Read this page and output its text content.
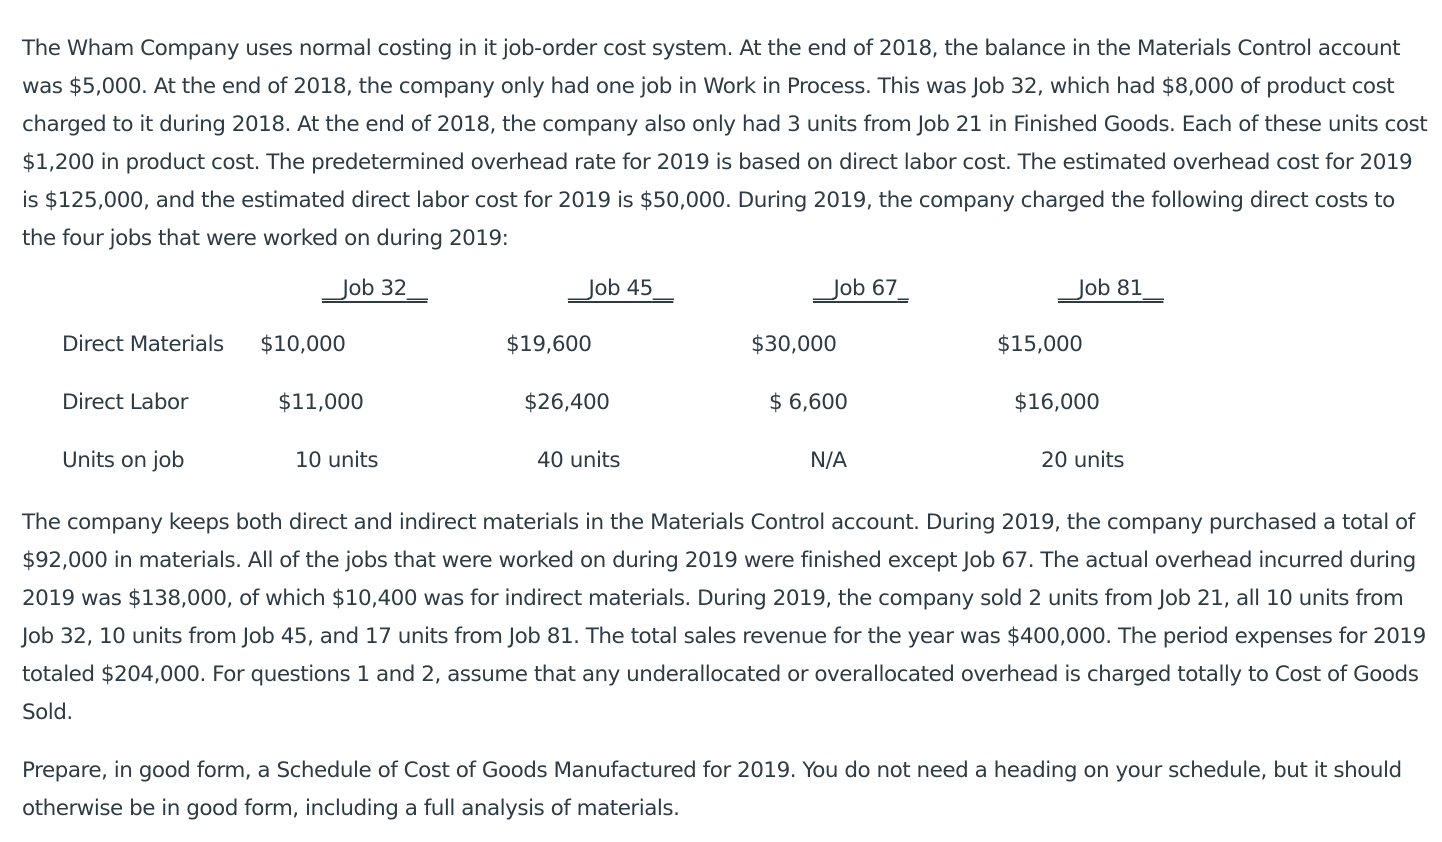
The Wham Company uses normal costing in it job-order cost system. At the end of 2018, the balance in the Materials Control account was $5,000. At the end of 2018, the company only had one job in Work in Process. This was Job 32, which had $8,000 of product cost charged to it during 2018. At the end of 2018, the company also only had 3 units from Job 21 in Finished Goods. Each of these units cost $1,200 in product cost. The predetermined overhead rate for 2019 is based on direct labor cost. The estimated overhead cost for 2019 is $125,000, and the estimated direct labor cost for 2019 is $50,000. During 2019, the company charged the following direct costs to the four jobs that were worked on during 2019:

__Job 32__	__Job 45__	__Job 67_	__Job 81__
Direct Materials $10,000	$19,600	$30,000	$15,000
Direct Labor	$11,000	$26,400	$ 6,600	$16,000
Units on job	10 units	40 units	N/A	20 units

The company keeps both direct and indirect materials in the Materials Control account. During 2019, the company purchased a total of $92,000 in materials. All of the jobs that were worked on during 2019 were finished except Job 67. The actual overhead incurred during 2019 was $138,000, of which $10,400 was for indirect materials. During 2019, the company sold 2 units from Job 21, all 10 units from Job 32, 10 units from Job 45, and 17 units from Job 81. The total sales revenue for the year was $400,000. The period expenses for 2019 totaled $204,000. For questions 1 and 2, assume that any underallocated or overallocated overhead is charged totally to Cost of Goods Sold.

Prepare, in good form, a Schedule of Cost of Goods Manufactured for 2019. You do not need a heading on your schedule, but it should otherwise be in good form, including a full analysis of materials.
